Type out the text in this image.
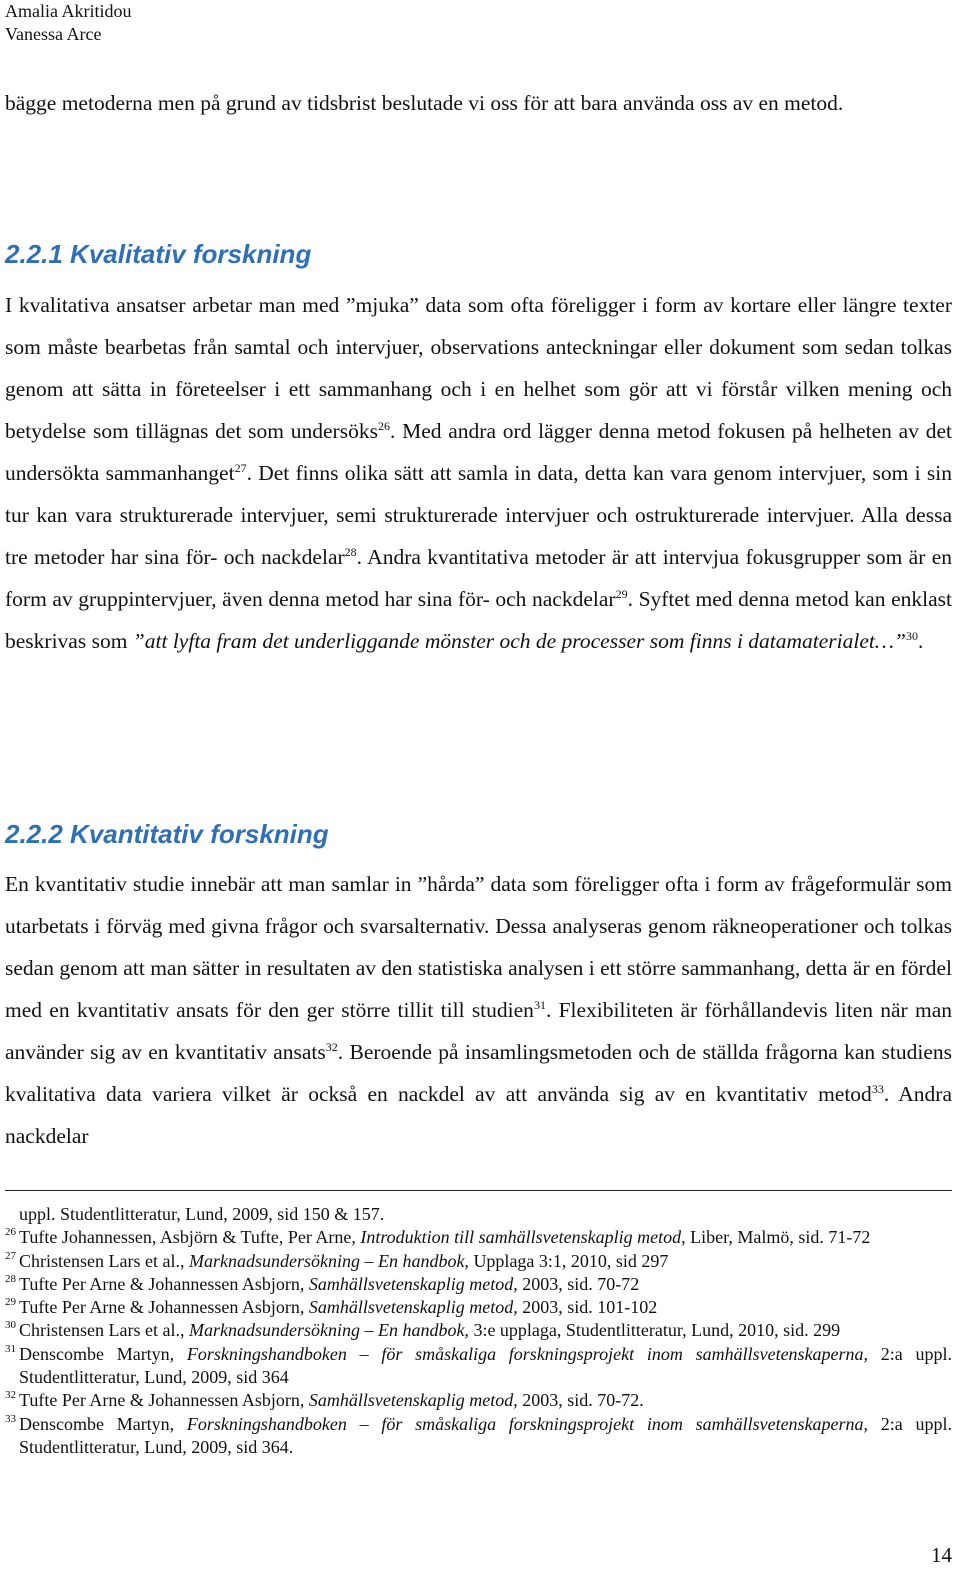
Amalia Akritidou
Vanessa Arce

bägge metoderna men på grund av tidsbrist beslutade vi oss för att bara använda oss av en metod.

2.2.1 Kvalitativ forskning

I kvalitativa ansatser arbetar man med ”mjuka” data som ofta föreligger i form av kortare eller längre texter som måste bearbetas från samtal och intervjuer, observations anteckningar eller dokument som sedan tolkas genom att sätta in företeelser i ett sammanhang och i en helhet som gör att vi förstår vilken mening och betydelse som tillägnas det som undersöks$^{26}$. Med andra ord lägger denna metod fokusen på helheten av det undersökta sammanhanget$^{27}$. Det finns olika sätt att samla in data, detta kan vara genom intervjuer, som i sin tur kan vara strukturerade intervjuer, semi strukturerade intervjuer och ostrukturerade intervjuer. Alla dessa tre metoder har sina för- och nackdelar$^{28}$. Andra kvantitativa metoder är att intervjua fokusgrupper som är en form av gruppintervjuer, även denna metod har sina för- och nackdelar$^{29}$. Syftet med denna metod kan enklast beskrivas som ”att lyfta fram det underliggande mönster och de processer som finns i datamaterialet…”$^{30}$.

2.2.2 Kvantitativ forskning

En kvantitativ studie innebär att man samlar in ”hårda” data som föreligger ofta i form av frågeformulär som utarbetats i förväg med givna frågor och svarsalternativ. Dessa analyseras genom räkneoperationer och tolkas sedan genom att man sätter in resultaten av den statistiska analysen i ett större sammanhang, detta är en fördel med en kvantitativ ansats för den ger större tillit till studien$^{31}$. Flexibiliteten är förhållandevis liten när man använder sig av en kvantitativ ansats$^{32}$. Beroende på insamlingsmetoden och de ställda frågorna kan studiens kvalitativa data variera vilket är också en nackdel av att använda sig av en kvantitativ metod$^{33}$. Andra nackdelar

uppl. Studentlitteratur, Lund, 2009, sid 150 & 157.
26 Tufte Johannessen, Asbjörn & Tufte, Per Arne, Introduktion till samhällsvetenskaplig metod, Liber, Malmö, sid. 71-72
27 Christensen Lars et al., Marknadsundersökning – En handbok, Upplaga 3:1, 2010, sid 297
28 Tufte Per Arne & Johannessen Asbjorn, Samhällsvetenskaplig metod, 2003, sid. 70-72
29 Tufte Per Arne & Johannessen Asbjorn, Samhällsvetenskaplig metod, 2003, sid. 101-102
30 Christensen Lars et al., Marknadsundersökning – En handbok, 3:e upplaga, Studentlitteratur, Lund, 2010, sid. 299
31 Denscombe Martyn, Forskningshandboken – för småskaliga forskningsprojekt inom samhällsvetenskaperna, 2:a uppl. Studentlitteratur, Lund, 2009, sid 364
32 Tufte Per Arne & Johannessen Asbjorn, Samhällsvetenskaplig metod, 2003, sid. 70-72.
33 Denscombe Martyn, Forskningshandboken – för småskaliga forskningsprojekt inom samhällsvetenskaperna, 2:a uppl. Studentlitteratur, Lund, 2009, sid 364.
14
